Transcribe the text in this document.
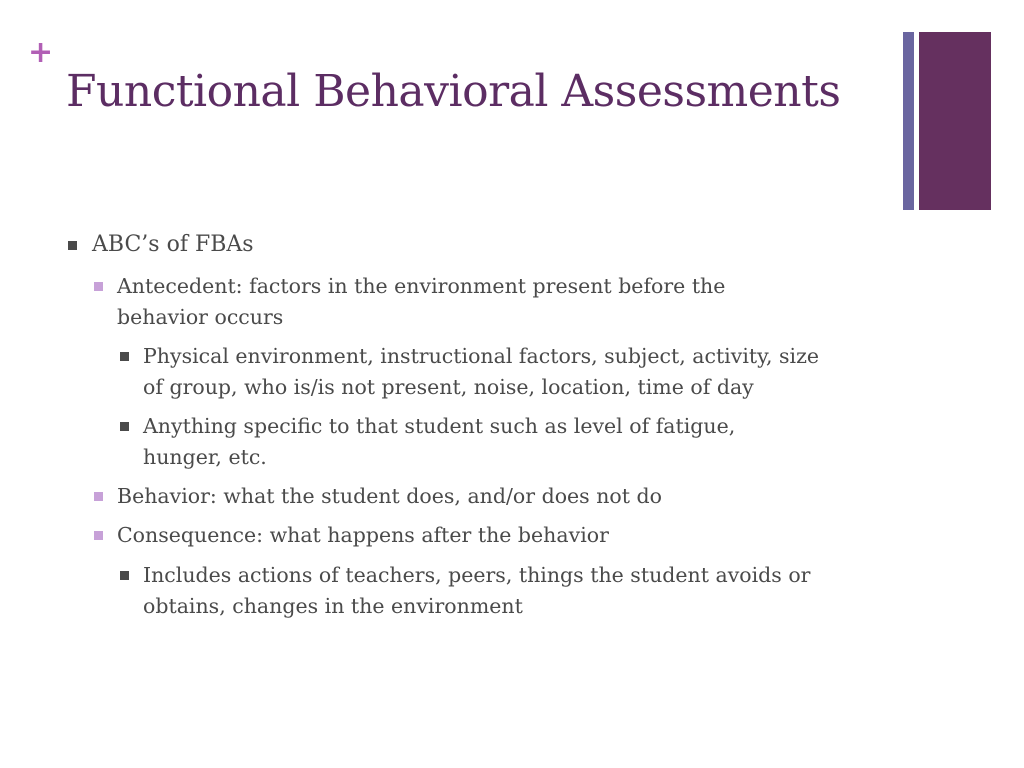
+
Functional Behavioral Assessments
ABC’s of FBAs
Antecedent: factors in the environment present before the
behavior occurs
Physical environment, instructional factors, subject, activity, size
of group, who is/is not present, noise, location, time of day
Anything specific to that student such as level of fatigue,
hunger, etc.
Behavior: what the student does, and/or does not do
Consequence: what happens after the behavior
Includes actions of teachers, peers, things the student avoids or
obtains, changes in the environment
